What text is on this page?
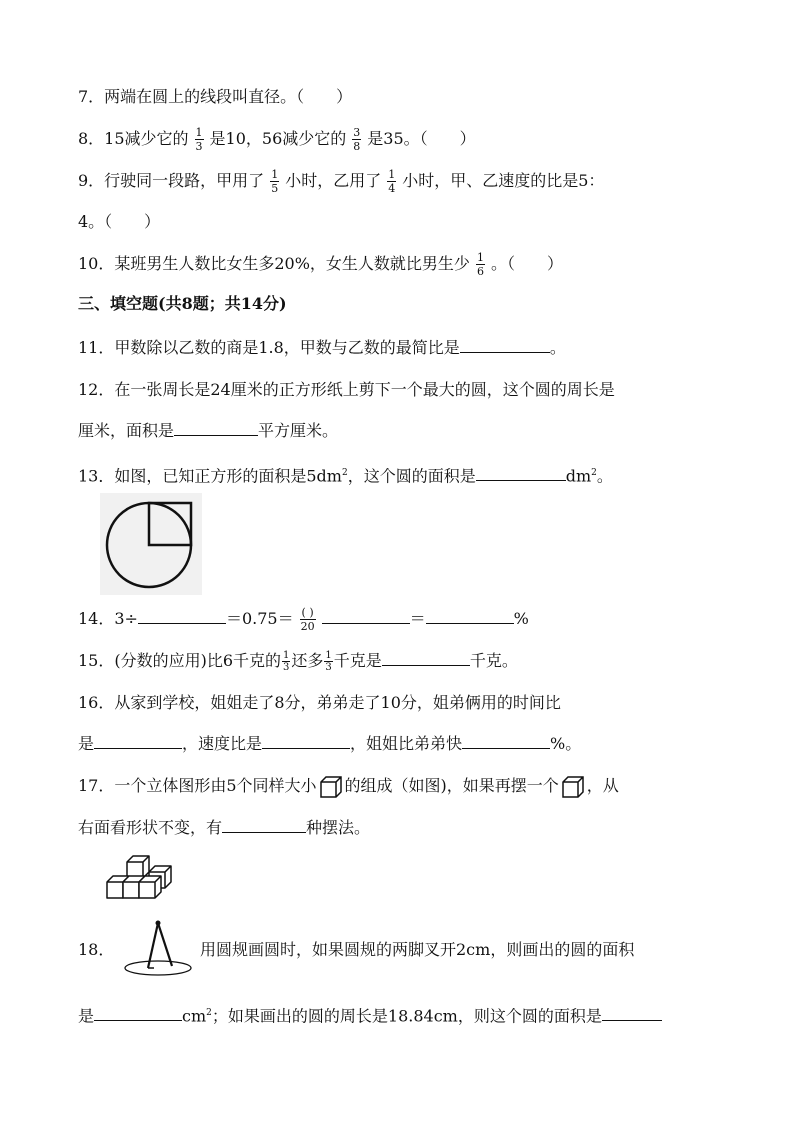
7．两端在圆上的线段叫直径。（　　）
8．15减少它的 $\frac{1}{3}$ 是10，56减少它的 $\frac{3}{8}$ 是35。（　　）
9．行驶同一段路，甲用了 $\frac{1}{5}$ 小时，乙用了 $\frac{1}{4}$ 小时，甲、乙速度的比是5：
4。（　　）
10．某班男生人数比女生多20%，女生人数就比男生少 $\frac{1}{6}$ 。（　　）
三、填空题(共8题；共14分)
11．甲数除以乙数的商是1.8，甲数与乙数的最简比是	。
12．在一张周长是24厘米的正方形纸上剪下一个最大的圆，这个圆的周长是
厘米，面积是	平方厘米。
13．如图，已知正方形的面积是$5dm^2$，这个圆的面积是	$dm^2$。
14．3÷	$=0.75= \frac{( )}{20}$	＝	%
15．(分数的应用)比6千克的 $\frac{1}{3}$ 还多 $\frac{1}{3}$ 千克是	千克。
16．从家到学校，姐姐走了8分，弟弟走了10分，姐弟俩用的时间比
是	，速度比是	，姐姐比弟弟快	%。
17．一个立体图形由5个同样大小 的组成（如图)，如果再摆一个 ，从
右面看形状不变，有	种摆法。
18．	用圆规画圆时，如果圆规的两脚叉开2cm，则画出的圆的面积
是	$cm^2$；如果画出的圆的周长是18.84cm，则这个圆的面积是
